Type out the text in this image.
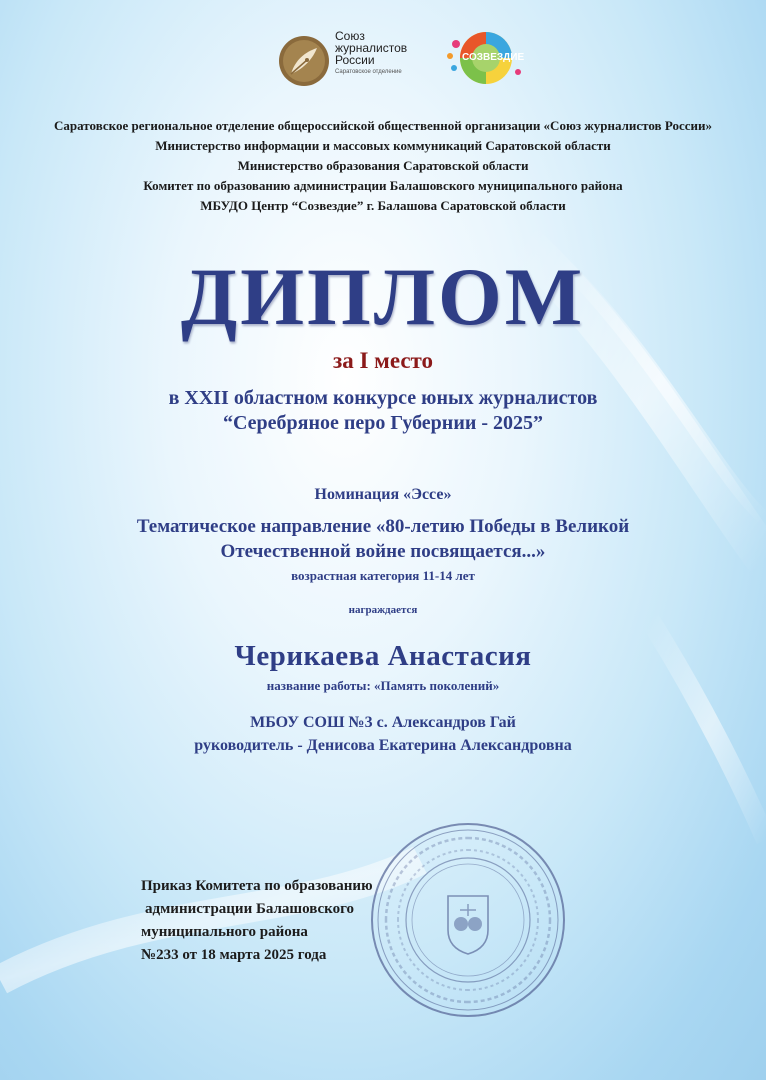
Союз
журналистов
России
Саратовское отделение
СОЗВЕЗДИЕ
Саратовское региональное отделение общероссийской общественной организации «Союз журналистов России»
Министерство информации и массовых коммуникаций Саратовской области
Министерство образования Саратовской области
Комитет по образованию администрации Балашовского муниципального района
МБУДО Центр “Созвездие” г. Балашова Саратовской области
ДИПЛОМ
за I место
в XXII областном конкурсе юных журналистов
“Серебряное перо Губернии - 2025”
Номинация «Эссе»
Тематическое направление «80-летию Победы в Великой
Отечественной войне посвящается...»
возрастная категория 11-14 лет
награждается
Черикаева Анастасия
название работы: «Память поколений»
МБОУ СОШ №3 с. Александров Гай
руководитель - Денисова Екатерина Александровна
Приказ Комитета по образованию
администрации Балашовского
муниципального района
№233 от 18 марта 2025 года
